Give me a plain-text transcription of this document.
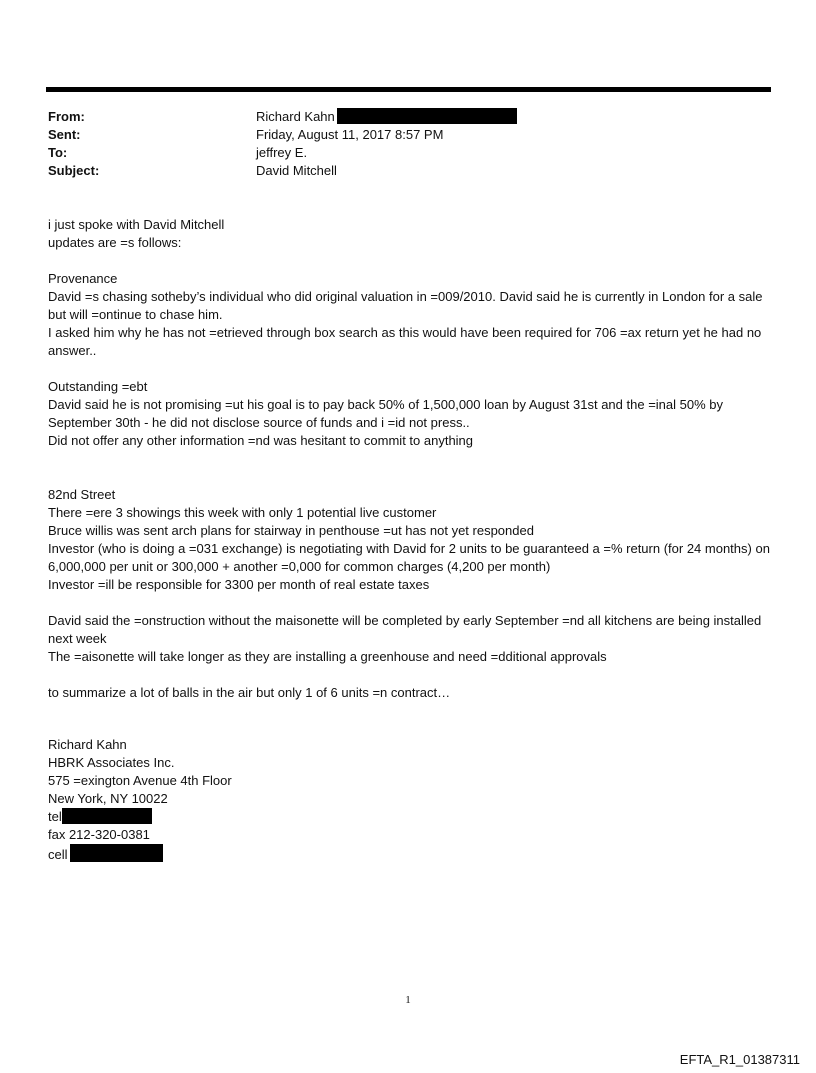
From:	Richard Kahn
Sent:	Friday, August 11, 2017 8:57 PM
To:	jeffrey E.
Subject:	David Mitchell

i just spoke with David Mitchell

updates are =s follows:

Provenance

David =s chasing sotheby’s individual who did original valuation in =009/2010. David said he is currently in London for a sale but will =ontinue to chase him.

I asked him why he has not =etrieved through box search as this would have been required for 706 =ax return yet he had no answer..

Outstanding =ebt

David said he is not promising =ut his goal is to pay back 50% of 1,500,000 loan by August 31st and the =inal 50% by September 30th - he did not disclose source of funds and i =id not press..

Did not offer any other information =nd was hesitant to commit to anything

82nd Street

There =ere 3 showings this week with only 1 potential live customer

Bruce willis was sent arch plans for stairway in penthouse =ut has not yet responded

Investor (who is doing a =031 exchange) is negotiating with David for 2 units to be guaranteed a =% return (for 24 months) on 6,000,000 per unit or 300,000 + another =0,000 for common charges (4,200 per month)

Investor =ill be responsible for 3300 per month of real estate taxes

David said the =onstruction without the maisonette will be completed by early September =nd all kitchens are being installed next week

The =aisonette will take longer as they are installing a greenhouse and need =dditional approvals

to summarize a lot of balls in the air but only 1 of 6 units =n contract…

Richard Kahn

HBRK Associates Inc.

575 =exington Avenue 4th Floor

New York, NY 10022

tel

fax 212-320-0381

cell

1
EFTA_R1_01387311
